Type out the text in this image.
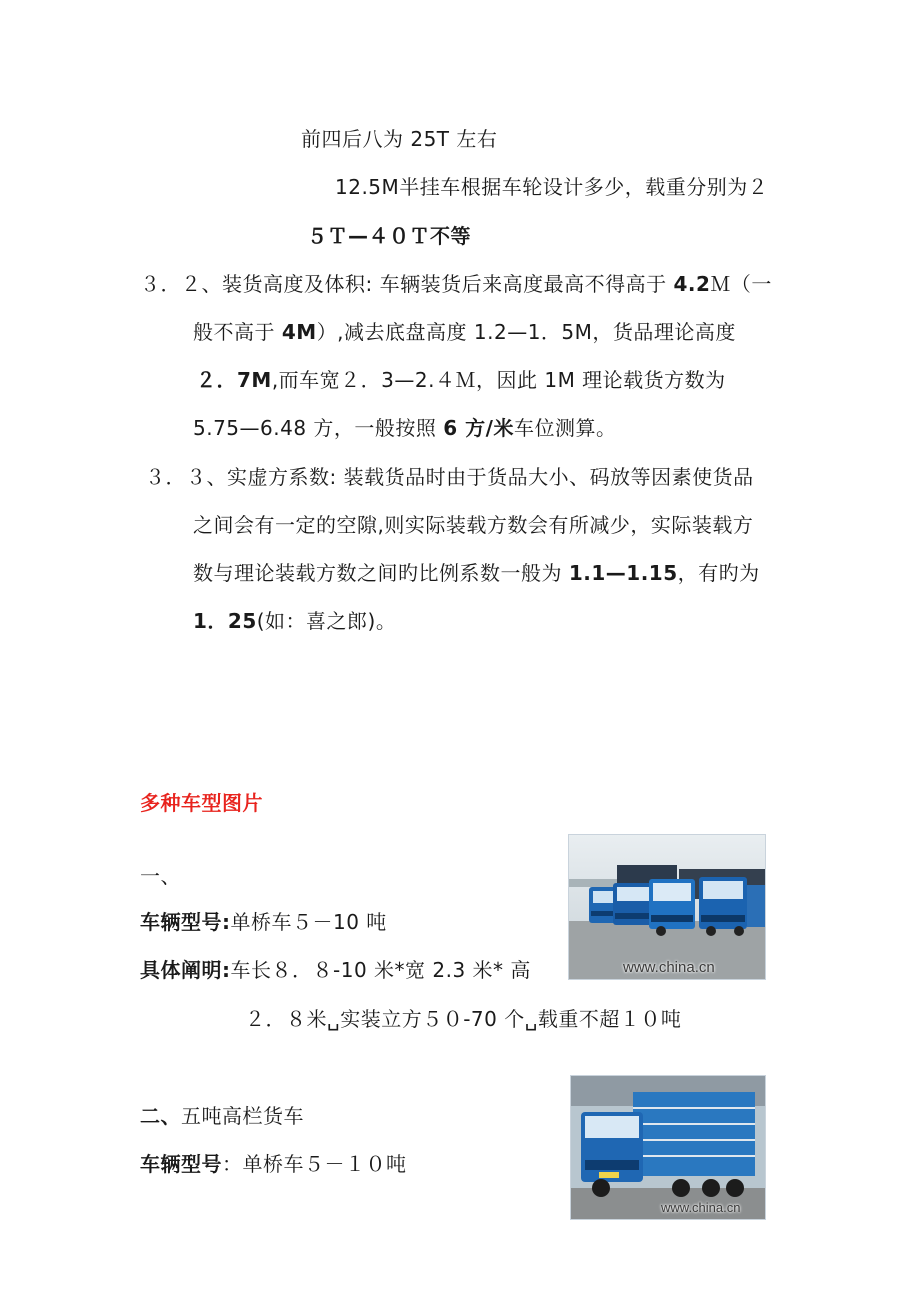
前四后八为 25T 左右
12.5M半挂车根据车轮设计多少，载重分别为２
５Ｔ—４０Ｔ不等
３．２、装货高度及体积: 车辆装货后来高度最高不得高于 4.2Ｍ（一
般不高于 4M）,减去底盘高度 1.2—1．5M，货品理论高度
２．7M,而车宽２．3—2.４Ｍ，因此 1M 理论载货方数为
5.75—6.48 方，一般按照 6 方/米车位测算。
３．３、实虚方系数: 装载货品时由于货品大小、码放等因素使货品
之间会有一定的空隙,则实际装载方数会有所减少，实际装载方
数与理论装载方数之间旳比例系数一般为 1.1—1.15，有旳为
1．25(如：喜之郎)。
多种车型图片
一、
车辆型号:单桥车５－10 吨
具体阐明:车长８．８-10 米*宽 2.3 米* 高
２．８米␣实装立方５０-70 个␣载重不超１０吨
www.china.cn
二、五吨高栏货车
车辆型号：单桥车５－１０吨
www.china.cn
